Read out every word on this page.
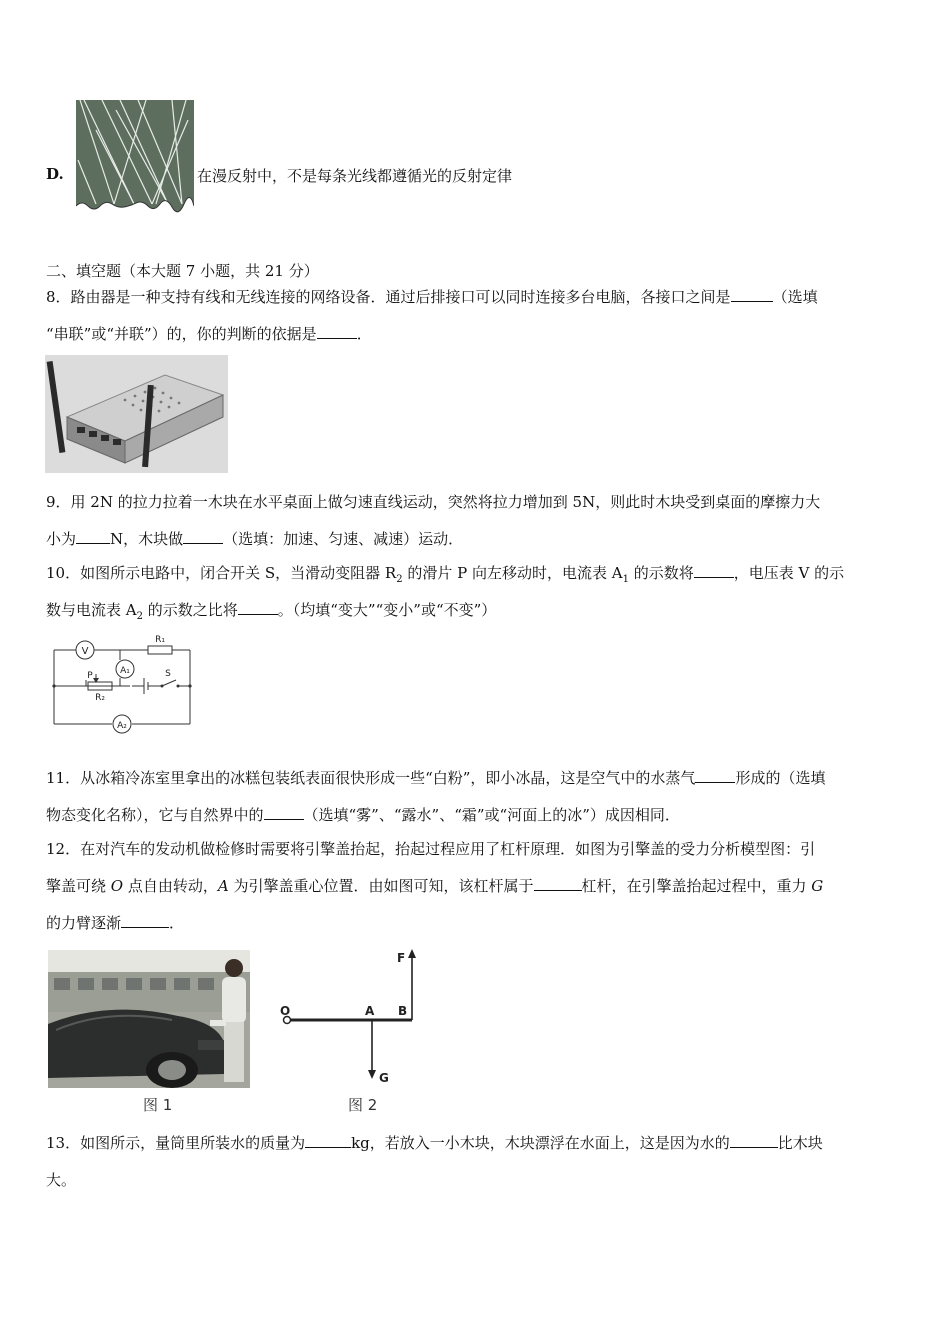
D.	在漫反射中，不是每条光线都遵循光的反射定律
二、填空题（本大题 7 小题，共 21 分）
8．路由器是一种支持有线和无线连接的网络设备．通过后排接口可以同时连接多台电脑，各接口之间是	（选填
“串联”或“并联”）的，你的判断的依据是	．
9．用 2N 的拉力拉着一木块在水平桌面上做匀速直线运动，突然将拉力增加到 5N，则此时木块受到桌面的摩擦力大
小为 N，木块做	（选填：加速、匀速、减速）运动．
10．如图所示电路中，闭合开关 S，当滑动变阻器 $R_2$ 的滑片 P 向左移动时，电流表 $A_1$ 的示数将	，电压表 V 的示
数与电流表 $A_2$ 的示数之比将	。（均填“变大”“变小”或“不变”）
V
A₁
A₂
R₁
R₂
P	S
11．从冰箱冷冻室里拿出的冰糕包装纸表面很快形成一些“白粉”，即小冰晶，这是空气中的水蒸气	形成的（选填
物态变化名称），它与自然界中的	（选填“雾”、“露水”、“霜”或“河面上的冰”）成因相同．
12．在对汽车的发动机做检修时需要将引擎盖抬起，抬起过程应用了杠杆原理．如图为引擎盖的受力分析模型图：引
擎盖可绕 O 点自由转动，A 为引擎盖重心位置．由如图可知，该杠杆属于	杠杆，在引擎盖抬起过程中，重力 G
的力臂逐渐	．
图 1
F
O	A B
G
图 2
13．如图所示，量筒里所装水的质量为	kg，若放入一小木块，木块漂浮在水面上，这是因为水的	比木块
大。
